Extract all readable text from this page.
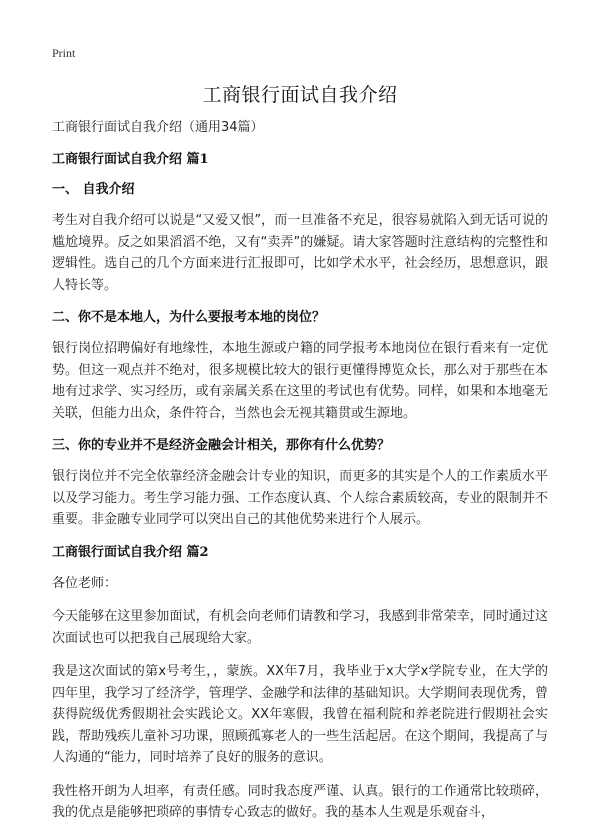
Print
工商银行面试自我介绍

工商银行面试自我介绍（通用34篇）

工商银行面试自我介绍 篇1

一、 自我介绍

考生对自我介绍可以说是“又爱又恨”，而一旦准备不充足，很容易就陷入到无话可说的尴尬境界。反之如果滔滔不绝，又有“卖弄”的嫌疑。请大家答题时注意结构的完整性和逻辑性。选自己的几个方面来进行汇报即可，比如学术水平，社会经历，思想意识，跟人特长等。

二、你不是本地人，为什么要报考本地的岗位？

银行岗位招聘偏好有地缘性，本地生源或户籍的同学报考本地岗位在银行看来有一定优势。但这一观点并不绝对，很多规模比较大的银行更懂得博览众长，那么对于那些在本地有过求学、实习经历，或有亲属关系在这里的考试也有优势。同样，如果和本地毫无关联，但能力出众，条件符合，当然也会无视其籍贯或生源地。

三、你的专业并不是经济金融会计相关，那你有什么优势？

银行岗位并不完全依靠经济金融会计专业的知识，而更多的其实是个人的工作素质水平以及学习能力。考生学习能力强、工作态度认真、个人综合素质较高，专业的限制并不重要。非金融专业同学可以突出自己的其他优势来进行个人展示。

工商银行面试自我介绍 篇2

各位老师：

今天能够在这里参加面试，有机会向老师们请教和学习，我感到非常荣幸，同时通过这次面试也可以把我自己展现给大家。

我是这次面试的第x号考生，，蒙族。XX年7月，我毕业于x大学x学院专业，在大学的四年里，我学习了经济学，管理学、金融学和法律的基础知识。大学期间表现优秀，曾获得院级优秀假期社会实践论文。XX年寒假，我曾在福利院和养老院进行假期社会实践，帮助残疾儿童补习功课，照顾孤寡老人的一些生活起居。在这个期间，我提高了与人沟通的“能力，同时培养了良好的服务的意识。

我性格开朗为人坦率，有责任感。同时我态度严谨、认真。银行的工作通常比较琐碎，我的优点是能够把琐碎的事情专心致志的做好。我的基本人生观是乐观奋斗，
